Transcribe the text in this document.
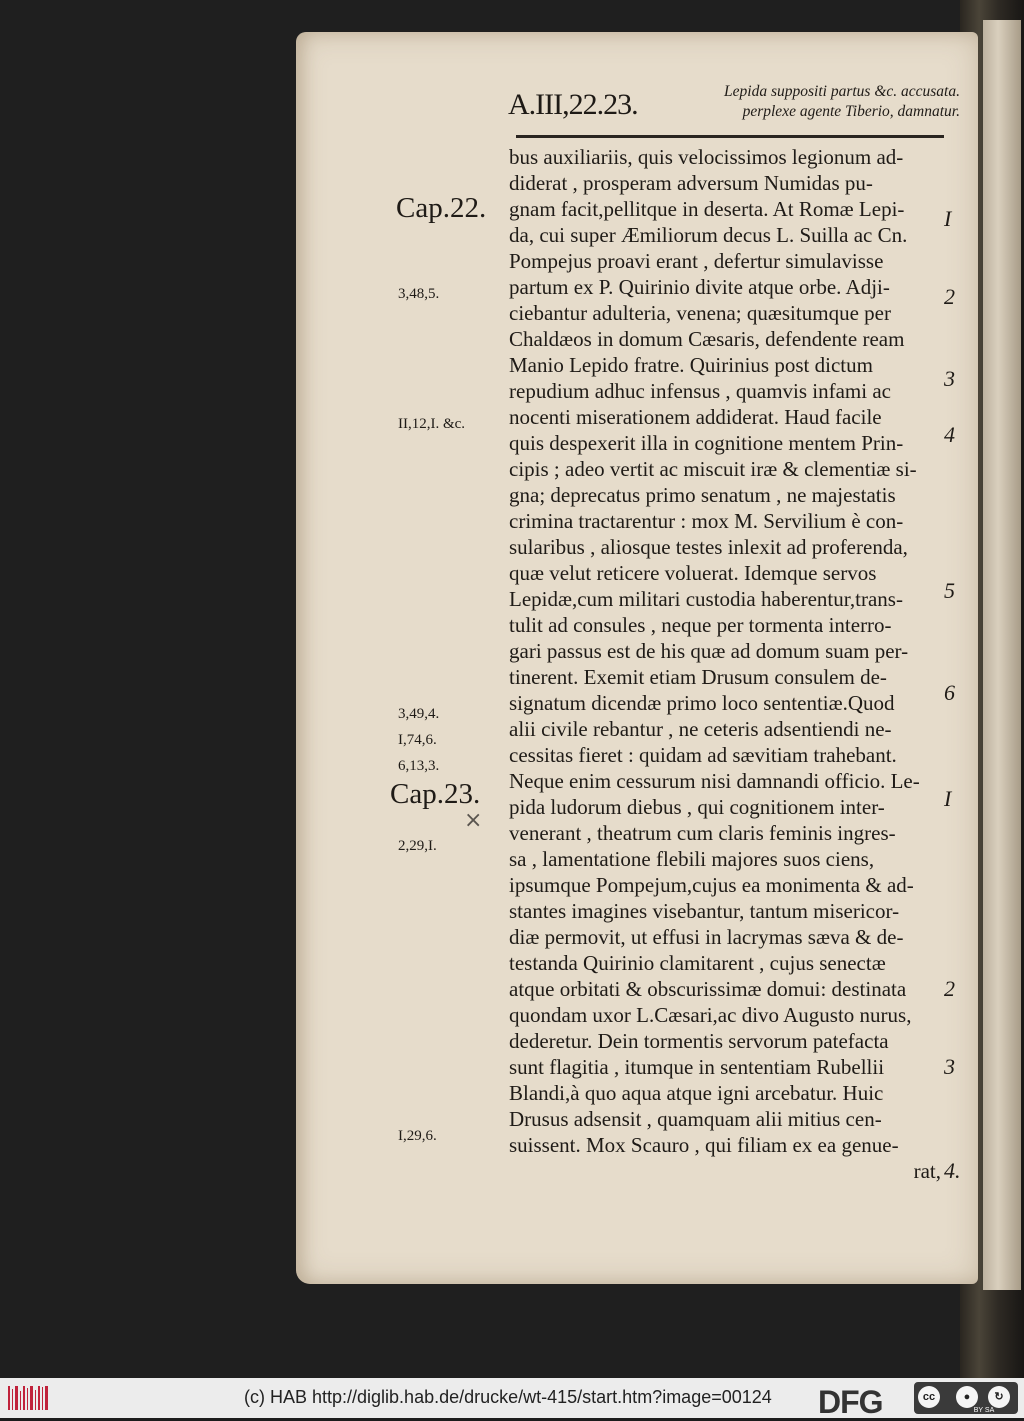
A.III,22.23.	Lepida suppositi partus &c. accusata.
perplexe agente Tiberio, damnatur.
Cap.22.
3,48,5.
II,12,I. &c.
3,49,4.
I,74,6.
6,13,3.
Cap.23.
×
2,29,I.
I,29,6.
bus auxiliariis, quis velocissimos legionum ad-
diderat , prosperam adversum Numidas pu-
gnam facit,pellitque in deserta. At Romæ Lepi-
da, cui super Æmiliorum decus L. Suilla ac Cn.
Pompejus proavi erant , defertur simulavisse
partum ex P. Quirinio divite atque orbe. Adji-
ciebantur adulteria, venena; quæsitumque per
Chaldæos in domum Cæsaris, defendente ream
Manio Lepido fratre. Quirinius post dictum
repudium adhuc infensus , quamvis infami ac
nocenti miserationem addiderat. Haud facile
quis despexerit illa in cognitione mentem Prin-
cipis ; adeo vertit ac miscuit iræ & clementiæ si-
gna; deprecatus primo senatum , ne majestatis
crimina tractarentur : mox M. Servilium è con-
sularibus , aliosque testes inlexit ad proferenda,
quæ velut reticere voluerat. Idemque servos
Lepidæ,cum militari custodia haberentur,trans-
tulit ad consules , neque per tormenta interro-
gari passus est de his quæ ad domum suam per-
tinerent. Exemit etiam Drusum consulem de-
signatum dicendæ primo loco sententiæ.Quod
alii civile rebantur , ne ceteris adsentiendi ne-
cessitas fieret : quidam ad sævitiam trahebant.
Neque enim cessurum nisi damnandi officio. Le-
pida ludorum diebus , qui cognitionem inter-
venerant , theatrum cum claris feminis ingres-
sa , lamentatione flebili majores suos ciens,
ipsumque Pompejum,cujus ea monimenta & ad-
stantes imagines visebantur, tantum misericor-
diæ permovit, ut effusi in lacrymas sæva & de-
testanda Quirinio clamitarent , cujus senectæ
atque orbitati & obscurissimæ domui: destinata
quondam uxor L.Cæsari,ac divo Augusto nurus,
dederetur. Dein tormentis servorum patefacta
sunt flagitia , itumque in sententiam Rubellii
Blandi,à quo aqua atque igni arcebatur. Huic
Drusus adsensit , quamquam alii mitius cen-
suissent. Mox Scauro , qui filiam ex ea genue-
rat,
I
2
3
4
5
6
I
2
3
4.
(c) HAB http://diglib.hab.de/drucke/wt-415/start.htm?image=00124 DFG	cc	●	↻
BY SA
